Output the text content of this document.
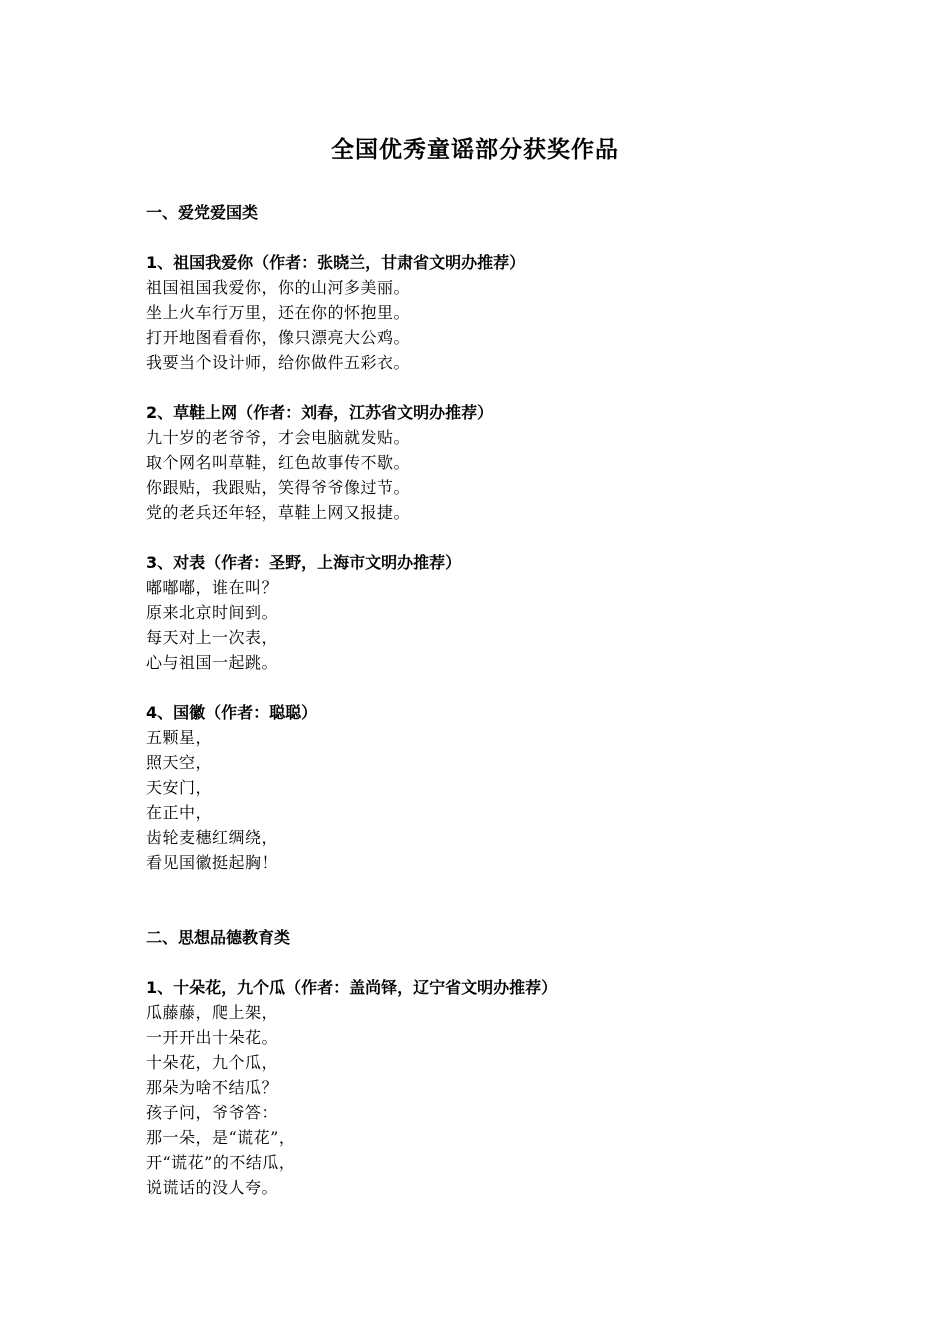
全国优秀童谣部分获奖作品
一、爱党爱国类
1、祖国我爱你（作者：张晓兰，甘肃省文明办推荐）
祖国祖国我爱你，你的山河多美丽。
坐上火车行万里，还在你的怀抱里。
打开地图看看你，像只漂亮大公鸡。
我要当个设计师，给你做件五彩衣。
2、草鞋上网（作者：刘春，江苏省文明办推荐）
九十岁的老爷爷，才会电脑就发贴。
取个网名叫草鞋，红色故事传不歇。
你跟贴，我跟贴，笑得爷爷像过节。
党的老兵还年轻，草鞋上网又报捷。
3、对表（作者：圣野，上海市文明办推荐）
嘟嘟嘟，谁在叫？
原来北京时间到。
每天对上一次表，
心与祖国一起跳。
4、国徽（作者：聪聪）
五颗星，
照天空，
天安门，
在正中，
齿轮麦穗红绸绕，
看见国徽挺起胸！
二、思想品德教育类
1、十朵花，九个瓜（作者：盖尚铎，辽宁省文明办推荐）
瓜藤藤，爬上架，
一开开出十朵花。
十朵花，九个瓜，
那朵为啥不结瓜？
孩子问，爷爷答：
那一朵，是“谎花”，
开“谎花”的不结瓜，
说谎话的没人夸。
